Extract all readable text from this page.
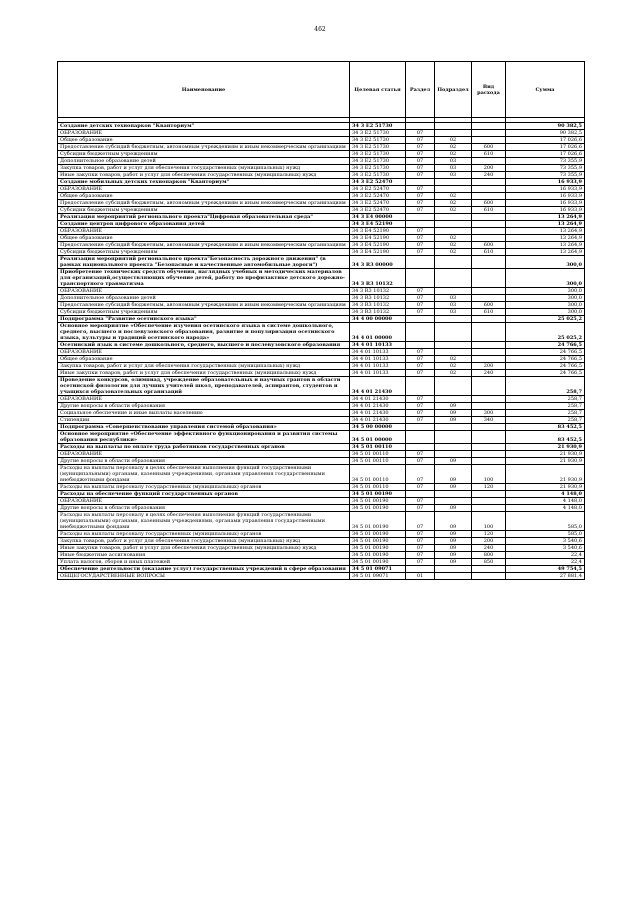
462
Наименование	Целевая статья	Раздел	Подраздел	Вид расхода	Сумма

Создание детских технопарков "Кванториум"	34 3 E2 51730				90 382,5
ОБРАЗОВАНИЕ	34 3 E2 51730	07			90 382,5
Общее образование	34 3 E2 51730	07	02		17 026,6
Предоставление субсидий бюджетным, автономным учреждениям и иным некоммерческим организациям	34 3 E2 51730	07	02	600	17 026,6
Субсидии бюджетным учреждениям	34 3 E2 51730	07	02	610	17 026,6
Дополнительное образование детей	34 3 E2 51730	07	03		73 355,9
Закупка товаров, работ и услуг для обеспечения государственных (муниципальных) нужд	34 3 E2 51730	07	03	200	73 355,9
Иные закупки товаров, работ и услуг для обеспечения государственных (муниципальных) нужд	34 3 E2 51730	07	03	240	73 355,9
Создание мобильных детских технопарков "Кванториум"	34 3 E2 52470				16 933,9
ОБРАЗОВАНИЕ	34 3 E2 52470	07			16 933,9
Общее образование	34 3 E2 52470	07	02		16 933,9
Предоставление субсидий бюджетным, автономным учреждениям и иным некоммерческим организациям	34 3 E2 52470	07	02	600	16 933,9
Субсидии бюджетным учреждениям	34 3 E2 52470	07	02	610	16 933,9
Реализация мероприятий регионального проекта"Цифровая образовательная среда"	34 3 E4 00000				13 264,9
Создание центров цифрового образования детей	34 3 E4 52190				13 264,9
ОБРАЗОВАНИЕ	34 3 E4 52190	07			13 264,9
Общее образование	34 3 E4 52190	07	02		13 264,9
Предоставление субсидий бюджетным, автономным учреждениям и иным некоммерческим организациям	34 3 E4 52190	07	02	600	13 264,9
Субсидии бюджетным учреждениям	34 3 E4 52190	07	02	610	13 264,9
Реализация мероприятий регионального проекта"Безопасность дорожного движения" (в рамках национального проекта "Безопасные и качественные автомобильные дороги")	34 3 R3 00000				300,0
Приобретение технических средств обучения, наглядных учебных и методических материалов для организаций,осуществляющих обучение детей, работу по профилактике детского дорожно-транспортного травматизма	34 3 R3 10132				300,0
ОБРАЗОВАНИЕ	34 3 R3 10132	07			300,0
Дополнительное образование детей	34 3 R3 10132	07	03		300,0
Предоставление субсидий бюджетным, автономным учреждениям и иным некоммерческим организациям	34 3 R3 10132	07	03	600	300,0
Субсидии бюджетным учреждениям	34 3 R3 10132	07	03	610	300,0
Подпрограмма "Развитие осетинского языка"	34 4 00 00000				25 025,2
Основное мероприятие «Обеспечение изучения осетинского языка в системе дошкольного, среднего, высшего и послевузовского образования, развитие и популяризация осетинского языка, культуры и традиций осетинского народа»	34 4 01 00000				25 025,2
Осетинский язык в системе дошкольного, среднего, высшего и послевузовского образования	34 4 01 10133				24 766,5
ОБРАЗОВАНИЕ	34 4 01 10133	07			24 766,5
Общее образование	34 4 01 10133	07	02		24 766,5
Закупка товаров, работ и услуг для обеспечения государственных (муниципальных) нужд	34 4 01 10133	07	02	200	24 766,5
Иные закупки товаров, работ и услуг для обеспечения государственных (муниципальных) нужд	34 4 01 10133	07	02	240	24 766,5
Проведение конкурсов, олимпиад, учреждение образовательных и научных грантов в области осетинской филологии для лучших учителей школ, преподавателей, аспирантов, студентов и учащихся образовательных организаций	34 4 01 21430				258,7
ОБРАЗОВАНИЕ	34 4 01 21430	07			258,7
Другие вопросы в области образования	34 4 01 21430	07	09		258,7
Социальное обеспечение и иные выплаты населению	34 4 01 21430	07	09	300	258,7
Стипендии	34 4 01 21430	07	09	340	258,7
Подпрограмма «Совершенствование управления системой образования»	34 5 00 00000				83 452,5
Основное мероприятие «Обеспечение эффективного функционирования и развития системы образования республики»	34 5 01 00000				83 452,5
Расходы на выплаты по оплате труда работников государственных органов	34 5 01 00110				21 930,9
ОБРАЗОВАНИЕ	34 5 01 00110	07			21 930,9
Другие вопросы в области образования	34 5 01 00110	07	09		21 930,9
Расходы на выплаты персоналу в целях обеспечения выполнения функций государственными (муниципальными) органами, казенными учреждениями, органами управления государственными внебюджетными фондами	34 5 01 00110	07	09	100	21 930,9
Расходы на выплаты персоналу государственных (муниципальных) органов	34 5 01 00110	07	09	120	21 930,9
Расходы на обеспечение функций государственных органов	34 5 01 00190				4 148,0
ОБРАЗОВАНИЕ	34 5 01 00190	07			4 148,0
Другие вопросы в области образования	34 5 01 00190	07	09		4 148,0
Расходы на выплаты персоналу в целях обеспечения выполнения функций государственными (муниципальными) органами, казенными учреждениями, органами управления государственными внебюджетными фондами	34 5 01 00190	07	09	100	585,0
Расходы на выплаты персоналу государственных (муниципальных) органов	34 5 01 00190	07	09	120	585,0
Закупка товаров, работ и услуг для обеспечения государственных (муниципальных) нужд	34 5 01 00190	07	09	200	3 540,6
Иные закупки товаров, работ и услуг для обеспечения государственных (муниципальных) нужд	34 5 01 00190	07	09	240	3 540,6
Иные бюджетные ассигнования	34 5 01 00190	07	09	800	22,4
Уплата налогов, сборов и иных платежей	34 5 01 00190	07	09	850	22,4
Обеспечение деятельности (оказание услуг) государственных учреждений в сфере образования	34 5 01 09071				49 754,5
ОБЩЕГОСУДАРСТВЕННЫЕ ВОПРОСЫ	34 5 01 09071	01			27 881,4
